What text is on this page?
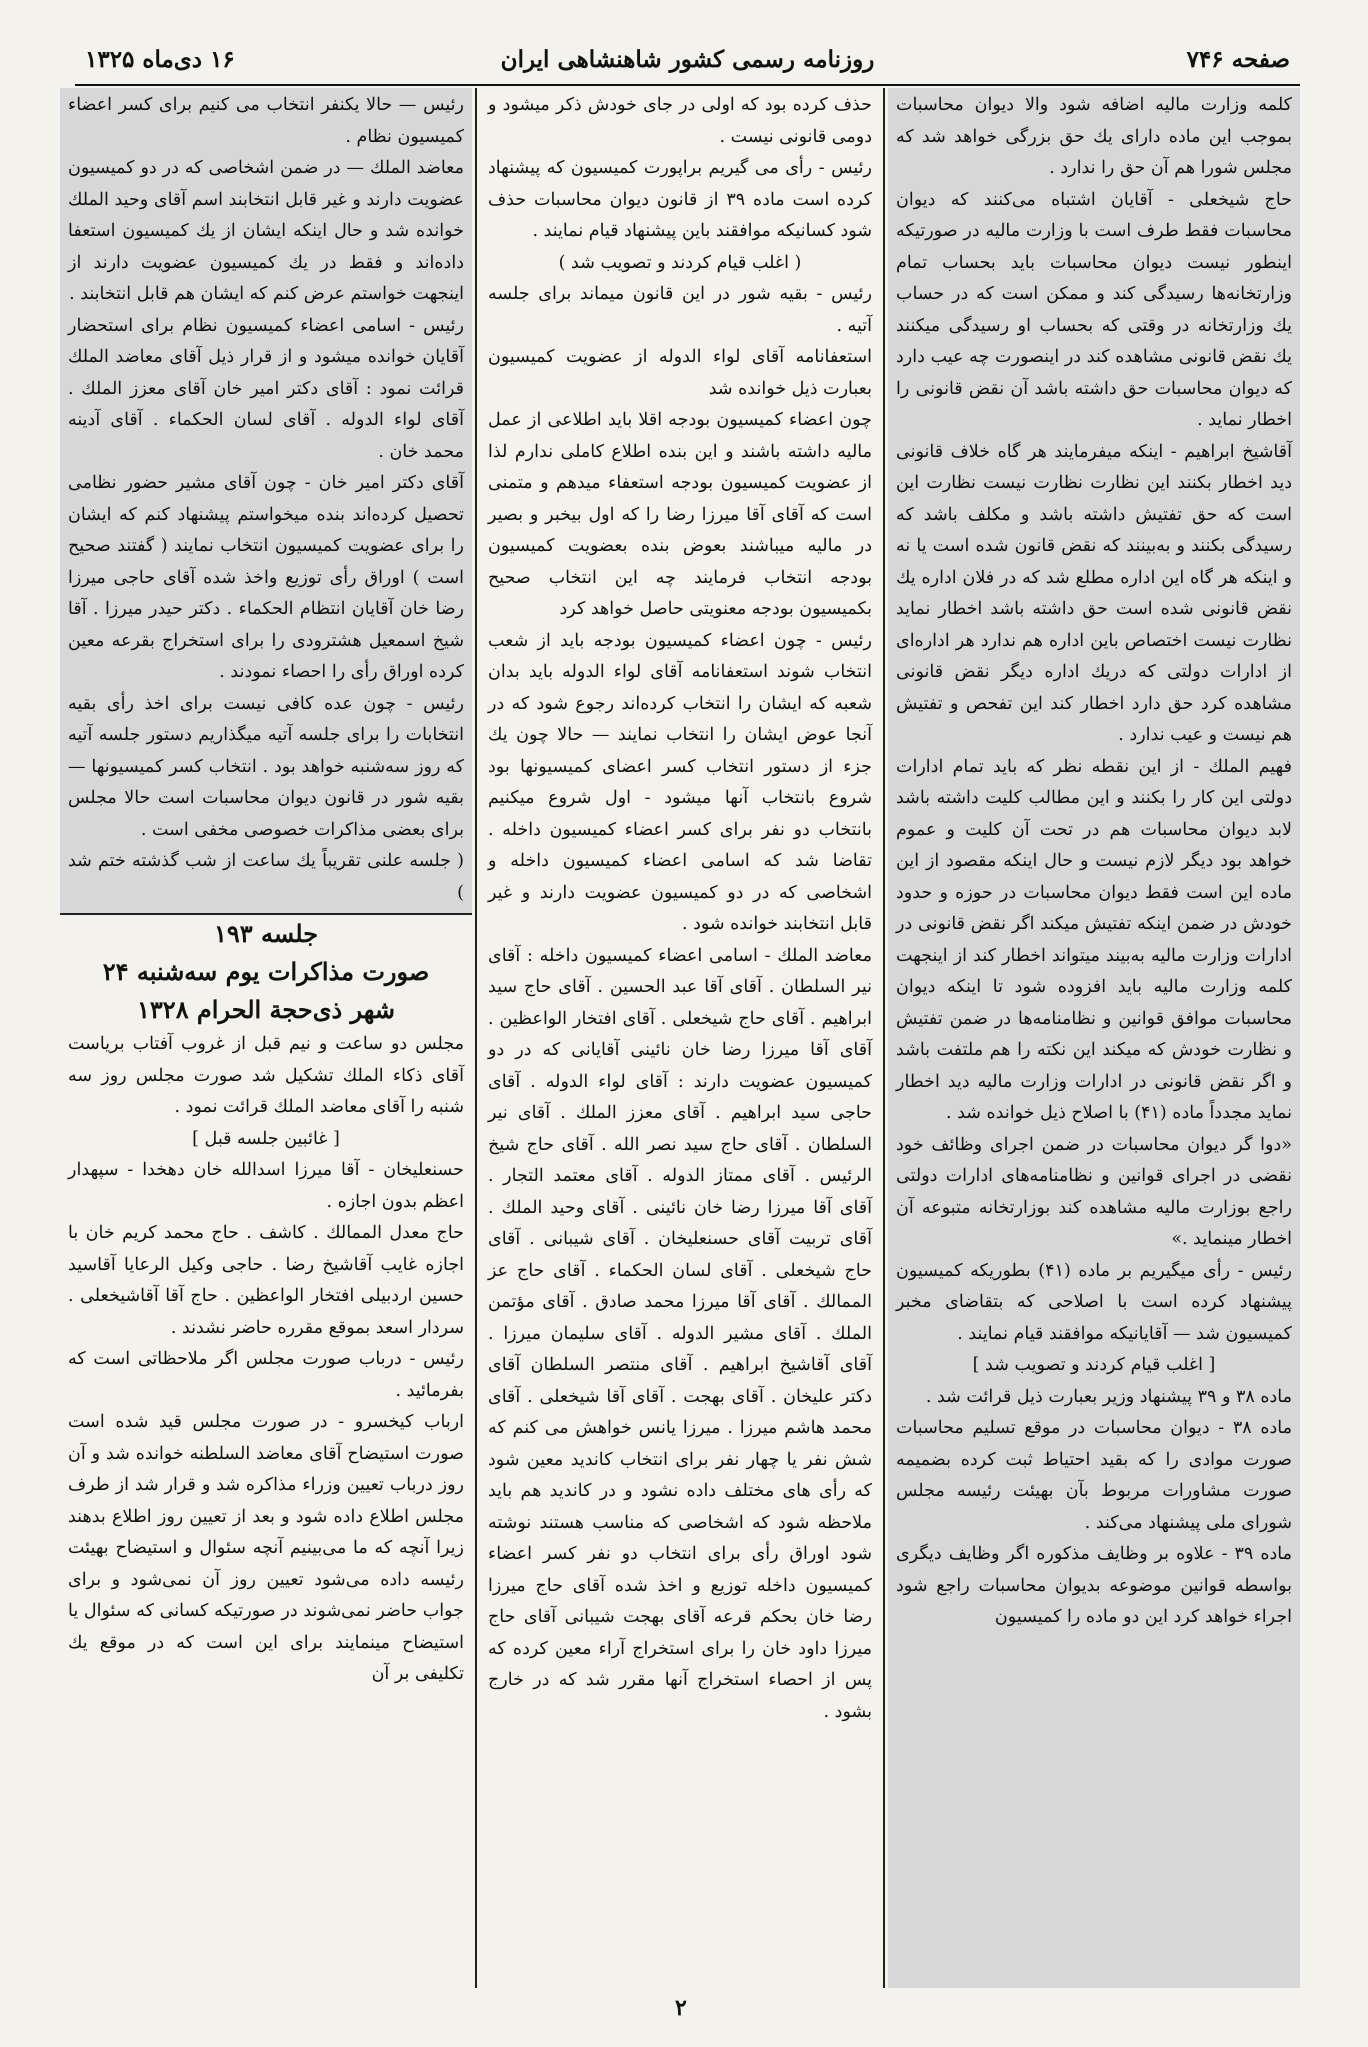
صفحه ۷۴۶
روزنامه رسمی کشور شاهنشاهی ایران
۱۶ دی‌ماه ۱۳۲۵

کلمه وزارت مالیه اضافه شود والا دیوان محاسبات بموجب این ماده دارای یك حق بزرگی خواهد شد که مجلس شورا هم آن حق را ندارد .

حاج شیخعلی - آقایان اشتباه می‌کنند که دیوان محاسبات فقط طرف است با وزارت مالیه در صورتیکه اینطور نیست دیوان محاسبات باید بحساب تمام وزارتخانه‌ها رسیدگی کند و ممکن است که در حساب یك وزارتخانه در وقتی که بحساب او رسیدگی میکنند یك نقض قانونی مشاهده کند در اینصورت چه عیب دارد که دیوان محاسبات حق داشته باشد آن نقض قانونی را اخطار نماید .

آقاشیخ ابراهیم - اینکه میفرمایند هر گاه خلاف قانونی دید اخطار بکنند این نظارت نظارت نیست نظارت این است که حق تفتیش داشته باشد و مکلف باشد که رسیدگی بکنند و به‌بینند که نقض قانون شده است یا نه و اینکه هر گاه این اداره مطلع شد که در فلان اداره یك نقض قانونی شده است حق داشته باشد اخطار نماید نظارت نیست اختصاص باین اداره هم ندارد هر اداره‌ای از ادارات دولتی که دریك اداره دیگر نقض قانونی مشاهده کرد حق دارد اخطار کند این تفحص و تفتیش هم نیست و عیب ندارد .

فهیم الملك - از این نقطه نظر که باید تمام ادارات دولتی این کار را بکنند و این مطالب کلیت داشته باشد لابد دیوان محاسبات هم در تحت آن کلیت و عموم خواهد بود دیگر لازم نیست و حال اینکه مقصود از این ماده این است فقط دیوان محاسبات در حوزه و حدود خودش در ضمن اینکه تفتیش میکند اگر نقض قانونی در ادارات وزارت مالیه به‌بیند میتواند اخطار کند از اینجهت کلمه وزارت مالیه باید افزوده شود تا اینکه دیوان محاسبات موافق قوانین و نظامنامه‌ها در ضمن تفتیش و نظارت خودش که میکند این نکته را هم ملتفت باشد و اگر نقض قانونی در ادارات وزارت مالیه دید اخطار نماید مجدداً ماده (۴۱) با اصلاح ذیل خوانده شد .

«دوا گر دیوان محاسبات در ضمن اجرای وظائف خود نقضی در اجرای قوانین و نظامنامه‌های ادارات دولتی راجع بوزارت مالیه مشاهده کند بوزارتخانه متبوعه آن اخطار مینماید .»

رئیس - رأی میگیریم بر ماده (۴۱) بطوریکه کمیسیون پیشنهاد کرده است با اصلاحی که بتقاضای مخبر کمیسیون شد — آقایانیکه موافقند قیام نمایند .

[ اغلب قیام کردند و تصویب شد ]

ماده ۳۸ و ۳۹ پیشنهاد وزیر بعبارت ذیل قرائت شد .

ماده ۳۸ - دیوان محاسبات در موقع تسلیم محاسبات صورت موادی را که بقید احتیاط ثبت کرده بضمیمه صورت مشاورات مربوط بآن بهیئت رئیسه مجلس شورای ملی پیشنهاد می‌کند .

ماده ۳۹ - علاوه بر وظایف مذکوره اگر وظایف دیگری بواسطه قوانین موضوعه بدیوان محاسبات راجع شود اجراء خواهد کرد این دو ماده را کمیسیون

حذف کرده بود که اولی در جای خودش ذکر میشود و دومی قانونی نیست .

رئیس - رأی می گیریم براپورت کمیسیون که پیشنهاد کرده است ماده ۳۹ از قانون دیوان محاسبات حذف شود کسانیکه موافقند باین پیشنهاد قیام نمایند .

( اغلب قیام کردند و تصویب شد )

رئیس - بقیه شور در این قانون میماند برای جلسه آتیه .

استعفانامه آقای لواء الدوله از عضویت کمیسیون بعبارت ذیل خوانده شد

چون اعضاء کمیسیون بودجه اقلا باید اطلاعی از عمل مالیه داشته باشند و این بنده اطلاع کاملی ندارم لذا از عضویت کمیسیون بودجه استعفاء میدهم و متمنی است که آقای آقا میرزا رضا را که اول بیخبر و بصیر در مالیه میباشند بعوض بنده بعضویت کمیسیون بودجه انتخاب فرمایند چه این انتخاب صحیح بکمیسیون بودجه معنویتی حاصل خواهد کرد

رئیس - چون اعضاء کمیسیون بودجه باید از شعب انتخاب شوند استعفانامه آقای لواء الدوله باید بدان شعبه که ایشان را انتخاب کرده‌اند رجوع شود که در آنجا عوض ایشان را انتخاب نمایند — حالا چون یك جزء از دستور انتخاب کسر اعضای کمیسیونها بود شروع بانتخاب آنها میشود - اول شروع میکنیم بانتخاب دو نفر برای کسر اعضاء کمیسیون داخله . تقاضا شد که اسامی اعضاء کمیسیون داخله و اشخاصی که در دو کمیسیون عضویت دارند و غیر قابل انتخابند خوانده شود .

معاضد الملك - اسامی اعضاء کمیسیون داخله : آقای نیر السلطان . آقای آقا عبد الحسین . آقای حاج سید ابراهیم . آقای حاج شیخعلی . آقای افتخار الواعظین . آقای آقا میرزا رضا خان نائینی آقایانی که در دو کمیسیون عضویت دارند : آقای لواء الدوله . آقای حاجی سید ابراهیم . آقای معزز الملك . آقای نیر السلطان . آقای حاج سید نصر الله . آقای حاج شیخ الرئیس . آقای ممتاز الدوله . آقای معتمد التجار . آقای آقا میرزا رضا خان نائینی . آقای وحید الملك . آقای تربیت آقای حسنعلیخان . آقای شیبانی . آقای حاج شیخعلی . آقای لسان الحکماء . آقای حاج عز الممالك . آقای آقا میرزا محمد صادق . آقای مؤتمن الملك . آقای مشیر الدوله . آقای سلیمان میرزا . آقای آقاشیخ ابراهیم . آقای منتصر السلطان آقای دکتر علیخان . آقای بهجت . آقای آقا شیخعلی . آقای محمد هاشم میرزا . میرزا یانس خواهش می کنم که شش نفر یا چهار نفر برای انتخاب کاندید معین شود که رأی های مختلف داده نشود و در کاندید هم باید ملاحظه شود که اشخاصی که مناسب هستند نوشته شود اوراق رأی برای انتخاب دو نفر کسر اعضاء کمیسیون داخله توزیع و اخذ شده آقای حاج میرزا رضا خان بحکم قرعه آقای بهجت شیبانی آقای حاج میرزا داود خان را برای استخراج آراء معین کرده که پس از احصاء استخراج آنها مقرر شد که در خارج بشود .

رئیس — حالا یکنفر انتخاب می کنیم برای کسر اعضاء کمیسیون نظام .

معاضد الملك — در ضمن اشخاصی که در دو کمیسیون عضویت دارند و غیر قابل انتخابند اسم آقای وحید الملك خوانده شد و حال اینکه ایشان از یك کمیسیون استعفا داده‌اند و فقط در یك کمیسیون عضویت دارند از اینجهت خواستم عرض کنم که ایشان هم قابل انتخابند .

رئیس - اسامی اعضاء کمیسیون نظام برای استحضار آقایان خوانده میشود و از قرار ذیل آقای معاضد الملك قرائت نمود : آقای دکتر امیر خان آقای معزز الملك . آقای لواء الدوله . آقای لسان الحکماء . آقای آدینه محمد خان .

آقای دکتر امیر خان - چون آقای مشیر حضور نظامی تحصیل کرده‌اند بنده میخواستم پیشنهاد کنم که ایشان را برای عضویت کمیسیون انتخاب نمایند ( گفتند صحیح است ) اوراق رأی توزیع واخذ شده آقای حاجی میرزا رضا خان آقایان انتظام الحکماء . دکتر حیدر میرزا . آقا شیخ اسمعیل هشترودی را برای استخراج بقرعه معین کرده اوراق رأی را احصاء نمودند .

رئیس - چون عده کافی نیست برای اخذ رأی بقیه انتخابات را برای جلسه آتیه میگذاریم دستور جلسه آتیه که روز سه‌شنبه خواهد بود . انتخاب کسر کمیسیونها — بقیه شور در قانون دیوان محاسبات است حالا مجلس برای بعضی مذاکرات خصوصی مخفی است .

( جلسه علنی تقریباً یك ساعت از شب گذشته ختم شد )

جلسه ۱۹۳

صورت مذاکرات یوم سه‌شنبه ۲۴

شهر ذی‌حجة الحرام ۱۳۲۸

مجلس دو ساعت و نیم قبل از غروب آفتاب بریاست آقای ذکاء الملك تشکیل شد صورت مجلس روز سه شنبه را آقای معاضد الملك قرائت نمود .

[ غائبین جلسه قبل ]

حسنعلیخان - آقا میرزا اسدالله خان دهخدا - سپهدار اعظم بدون اجازه .

حاج معدل الممالك . کاشف . حاج محمد کریم خان با اجازه غایب آقاشیخ رضا . حاجی وکیل الرعایا آقاسید حسین اردبیلی افتخار الواعظین . حاج آقا آقاشیخعلی . سردار اسعد بموقع مقرره حاضر نشدند .

رئیس - درباب صورت مجلس اگر ملاحظاتی است که بفرمائید .

ارباب کیخسرو - در صورت مجلس قید شده است صورت استیضاح آقای معاضد السلطنه خوانده شد و آن روز درباب تعیین وزراء مذاکره شد و قرار شد از طرف مجلس اطلاع داده شود و بعد از تعیین روز اطلاع بدهند زیرا آنچه که ما می‌بینیم آنچه سئوال و استیضاح بهیئت رئیسه داده می‌شود تعیین روز آن نمی‌شود و برای جواب حاضر نمی‌شوند در صورتیکه کسانی که سئوال یا استیضاح مینمایند برای این است که در موقع یك تکلیفی بر آن

۲
